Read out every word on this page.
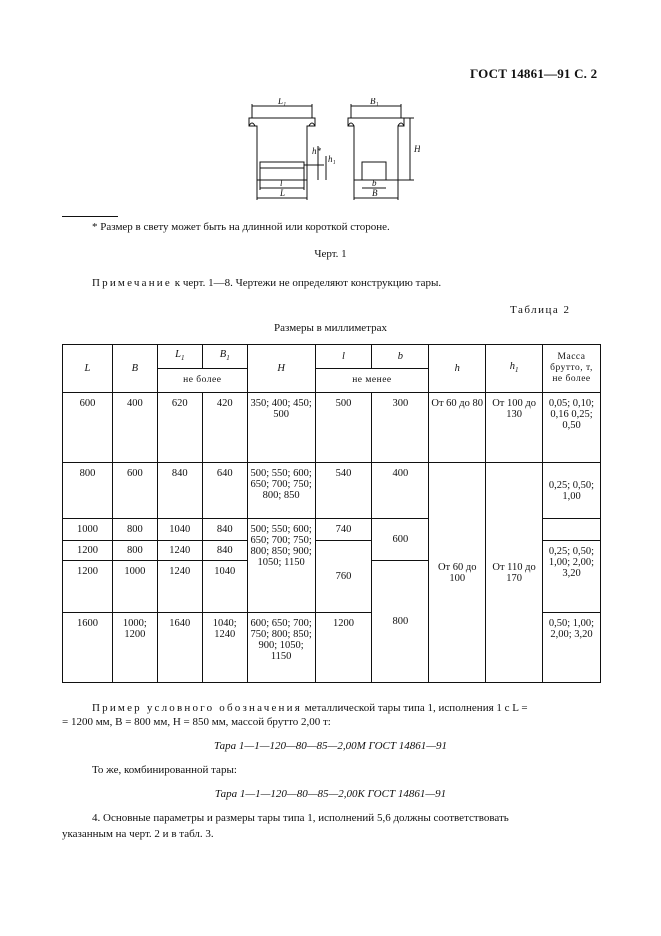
ГОСТ 14861—91 С. 2
L₁	B₁
H
h*
h₁
l
L
b
B
* Размер в свету может быть на длинной или короткой стороне.
Черт. 1
Примечание к черт. 1—8. Чертежи не определяют конструкцию тары.
Таблица 2
Размеры в миллиметрах
L	B	$L_1$	$B_1$	H	l	b	h	$h_1$	Масса брутто, т, не более
		не более			не менее				
600	400	620	420	350; 400; 450; 500	500	300	От 60 до 80	От 100 до 130	0,05; 0,10; 0,16 0,25; 0,50
800	600	840	640	500; 550; 600; 650; 700; 750; 800; 850	540	400	От 60 до 100	От 110 до 170	0,25; 0,50; 1,00
1000	800	1040	840	500; 550; 600; 650; 700; 750; 800; 850; 900; 1050; 1150	740	600			
1200	800	1240	840		760				0,25; 0,50; 1,00; 2,00; 3,20
1200	1000	1240	1040			800			
1600	1000; 1200	1640	1040; 1240	600; 650; 700; 750; 800; 850; 900; 1050; 1150	1200				0,50; 1,00; 2,00; 3,20
Пример условного обозначения металлической тары типа 1, исполнения 1 с L =
= 1200 мм, B = 800 мм, H = 850 мм, массой брутто 2,00 т:
Тара 1—1—120—80—85—2,00М ГОСТ 14861—91
То же, комбинированной тары:
Тара 1—1—120—80—85—2,00К ГОСТ 14861—91
4. Основные параметры и размеры тары типа 1, исполнений 5,6 должны соответствовать
указанным на черт. 2 и в табл. 3.
